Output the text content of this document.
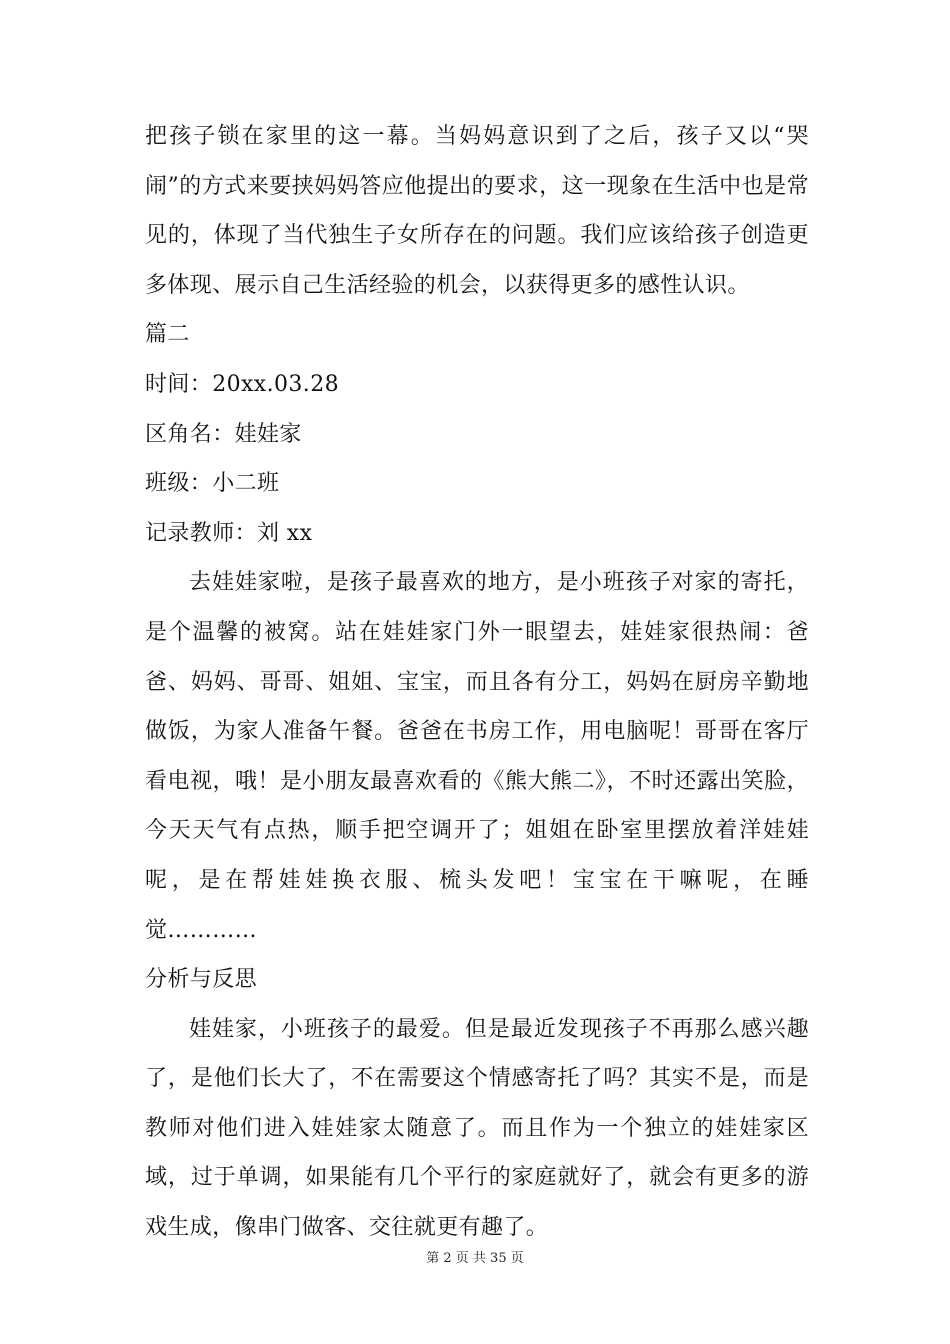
把孩子锁在家里的这一幕。当妈妈意识到了之后，孩子又以“哭闹”的方式来要挟妈妈答应他提出的要求，这一现象在生活中也是常见的，体现了当代独生子女所存在的问题。我们应该给孩子创造更多体现、展示自己生活经验的机会，以获得更多的感性认识。

篇二

时间：20xx.03.28

区角名：娃娃家

班级：小二班

记录教师：刘 xx

去娃娃家啦，是孩子最喜欢的地方，是小班孩子对家的寄托，是个温馨的被窝。站在娃娃家门外一眼望去，娃娃家很热闹：爸爸、妈妈、哥哥、姐姐、宝宝，而且各有分工，妈妈在厨房辛勤地做饭，为家人准备午餐。爸爸在书房工作，用电脑呢！哥哥在客厅看电视，哦！是小朋友最喜欢看的《熊大熊二》，不时还露出笑脸，今天天气有点热，顺手把空调开了；姐姐在卧室里摆放着洋娃娃呢，是在帮娃娃换衣服、梳头发吧！宝宝在干嘛呢，在睡觉…………

分析与反思

娃娃家，小班孩子的最爱。但是最近发现孩子不再那么感兴趣了，是他们长大了，不在需要这个情感寄托了吗？其实不是，而是教师对他们进入娃娃家太随意了。而且作为一个独立的娃娃家区域，过于单调，如果能有几个平行的家庭就好了，就会有更多的游戏生成，像串门做客、交往就更有趣了。

第 2 页 共 35 页
